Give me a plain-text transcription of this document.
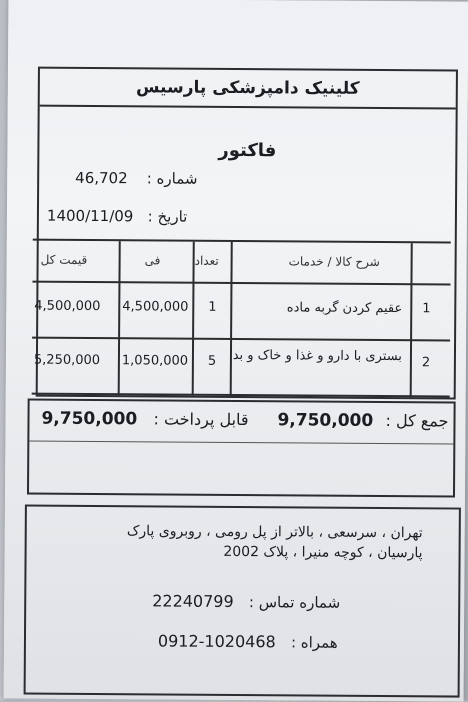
کلینیک دامپزشکی پارسیس
فاکتور
46,702 شماره :
1400/11/09 تاریخ :
قیمت کل	فی	تعداد	شرح کالا / خدمات
4,500,000 4,500,000 1	عقیم کردن گربه ماده 1
5,250,000 1,050,000 5 بستری با دارو و غذا و خاک و بد 2
9,750,000 قابل پرداخت : 9,750,000 جمع کل :
تهران ، سرسعی ، بالاتر از پل رومی ، روبروی پارک
پارسیان ، کوچه منیرا ، پلاک 2002
22240799 شماره تماس :
0912-1020468 همراه :
